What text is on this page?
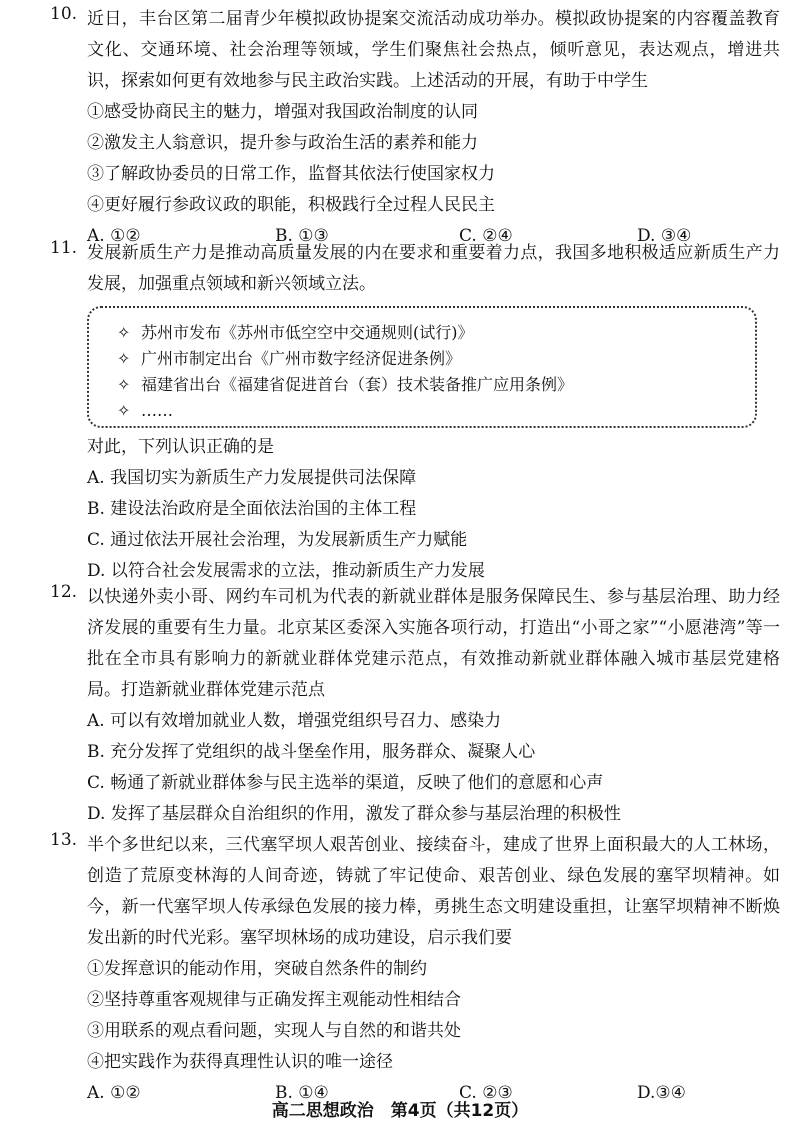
10. 近日，丰台区第二届青少年模拟政协提案交流活动成功举办。模拟政协提案的内容覆盖教育文化、交通环境、社会治理等领域，学生们聚焦社会热点，倾听意见，表达观点，增进共识，探索如何更有效地参与民主政治实践。上述活动的开展，有助于中学生
①感受协商民主的魅力，增强对我国政治制度的认同
②激发主人翁意识，提升参与政治生活的素养和能力
③了解政协委员的日常工作，监督其依法行使国家权力
④更好履行参政议政的职能，积极践行全过程人民民主
A. ①②	B. ①③	C. ②④	D. ③④
11. 发展新质生产力是推动高质量发展的内在要求和重要着力点，我国多地积极适应新质生产力发展，加强重点领域和新兴领域立法。
✧ 苏州市发布《苏州市低空空中交通规则(试行)》
✧ 广州市制定出台《广州市数字经济促进条例》
✧ 福建省出台《福建省促进首台（套）技术装备推广应用条例》
✧ ……
对此，下列认识正确的是
A. 我国切实为新质生产力发展提供司法保障
B. 建设法治政府是全面依法治国的主体工程
C. 通过依法开展社会治理，为发展新质生产力赋能
D. 以符合社会发展需求的立法，推动新质生产力发展
12. 以快递外卖小哥、网约车司机为代表的新就业群体是服务保障民生、参与基层治理、助力经济发展的重要有生力量。北京某区委深入实施各项行动，打造出“小哥之家”“小愿港湾”等一批在全市具有影响力的新就业群体党建示范点，有效推动新就业群体融入城市基层党建格局。打造新就业群体党建示范点
A. 可以有效增加就业人数，增强党组织号召力、感染力
B. 充分发挥了党组织的战斗堡垒作用，服务群众、凝聚人心
C. 畅通了新就业群体参与民主选举的渠道，反映了他们的意愿和心声
D. 发挥了基层群众自治组织的作用，激发了群众参与基层治理的积极性
13. 半个多世纪以来，三代塞罕坝人艰苦创业、接续奋斗，建成了世界上面积最大的人工林场，创造了荒原变林海的人间奇迹，铸就了牢记使命、艰苦创业、绿色发展的塞罕坝精神。如今，新一代塞罕坝人传承绿色发展的接力棒，勇挑生态文明建设重担，让塞罕坝精神不断焕发出新的时代光彩。塞罕坝林场的成功建设，启示我们要
①发挥意识的能动作用，突破自然条件的制约
②坚持尊重客观规律与正确发挥主观能动性相结合
③用联系的观点看问题，实现人与自然的和谐共处
④把实践作为获得真理性认识的唯一途径
A. ①②	B. ①④	C. ②③	D.③④
高二思想政治　第4页（共12页）
